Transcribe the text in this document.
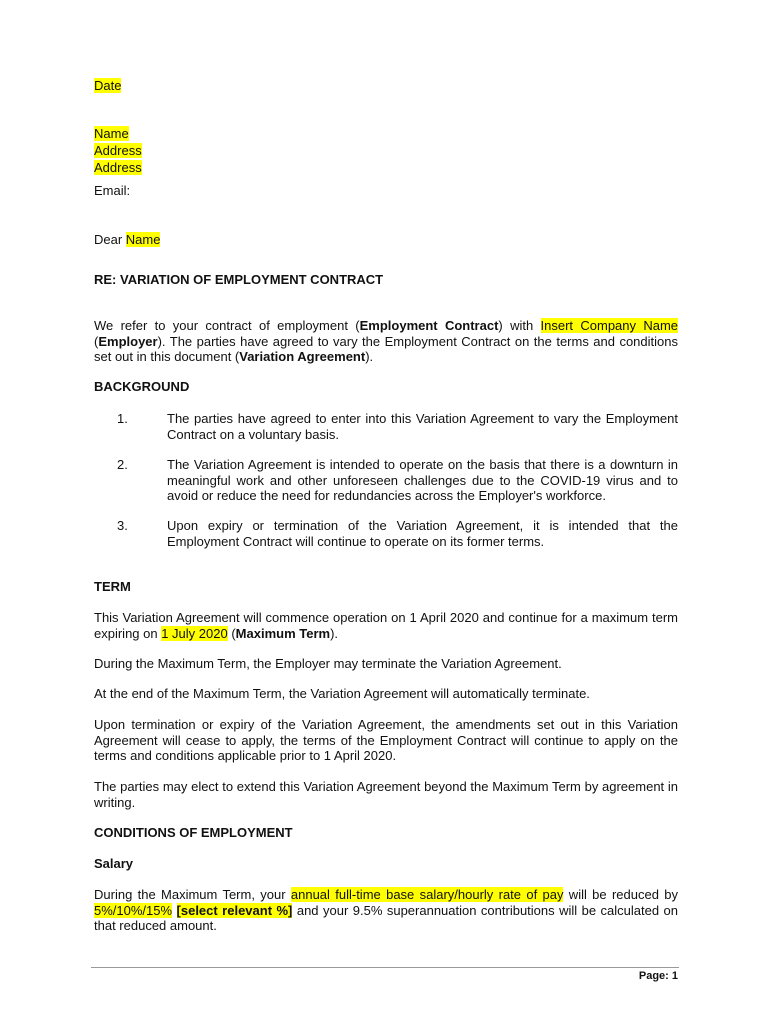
Date
Name
Address
Address
Email:
Dear Name
RE: VARIATION OF EMPLOYMENT CONTRACT
We refer to your contract of employment (Employment Contract) with Insert Company Name (Employer). The parties have agreed to vary the Employment Contract on the terms and conditions set out in this document (Variation Agreement).
BACKGROUND
1.	The parties have agreed to enter into this Variation Agreement to vary the Employment Contract on a voluntary basis.
2.	The Variation Agreement is intended to operate on the basis that there is a downturn in meaningful work and other unforeseen challenges due to the COVID-19 virus and to avoid or reduce the need for redundancies across the Employer's workforce.
3.	Upon expiry or termination of the Variation Agreement, it is intended that the Employment Contract will continue to operate on its former terms.
TERM
This Variation Agreement will commence operation on 1 April 2020 and continue for a maximum term expiring on 1 July 2020 (Maximum Term).
During the Maximum Term, the Employer may terminate the Variation Agreement.
At the end of the Maximum Term, the Variation Agreement will automatically terminate.
Upon termination or expiry of the Variation Agreement, the amendments set out in this Variation Agreement will cease to apply, the terms of the Employment Contract will continue to apply on the terms and conditions applicable prior to 1 April 2020.
The parties may elect to extend this Variation Agreement beyond the Maximum Term by agreement in writing.
CONDITIONS OF EMPLOYMENT
Salary
During the Maximum Term, your annual full-time base salary/hourly rate of pay will be reduced by 5%/10%/15% [select relevant %] and your 9.5% superannuation contributions will be calculated on that reduced amount.
Page: 1
